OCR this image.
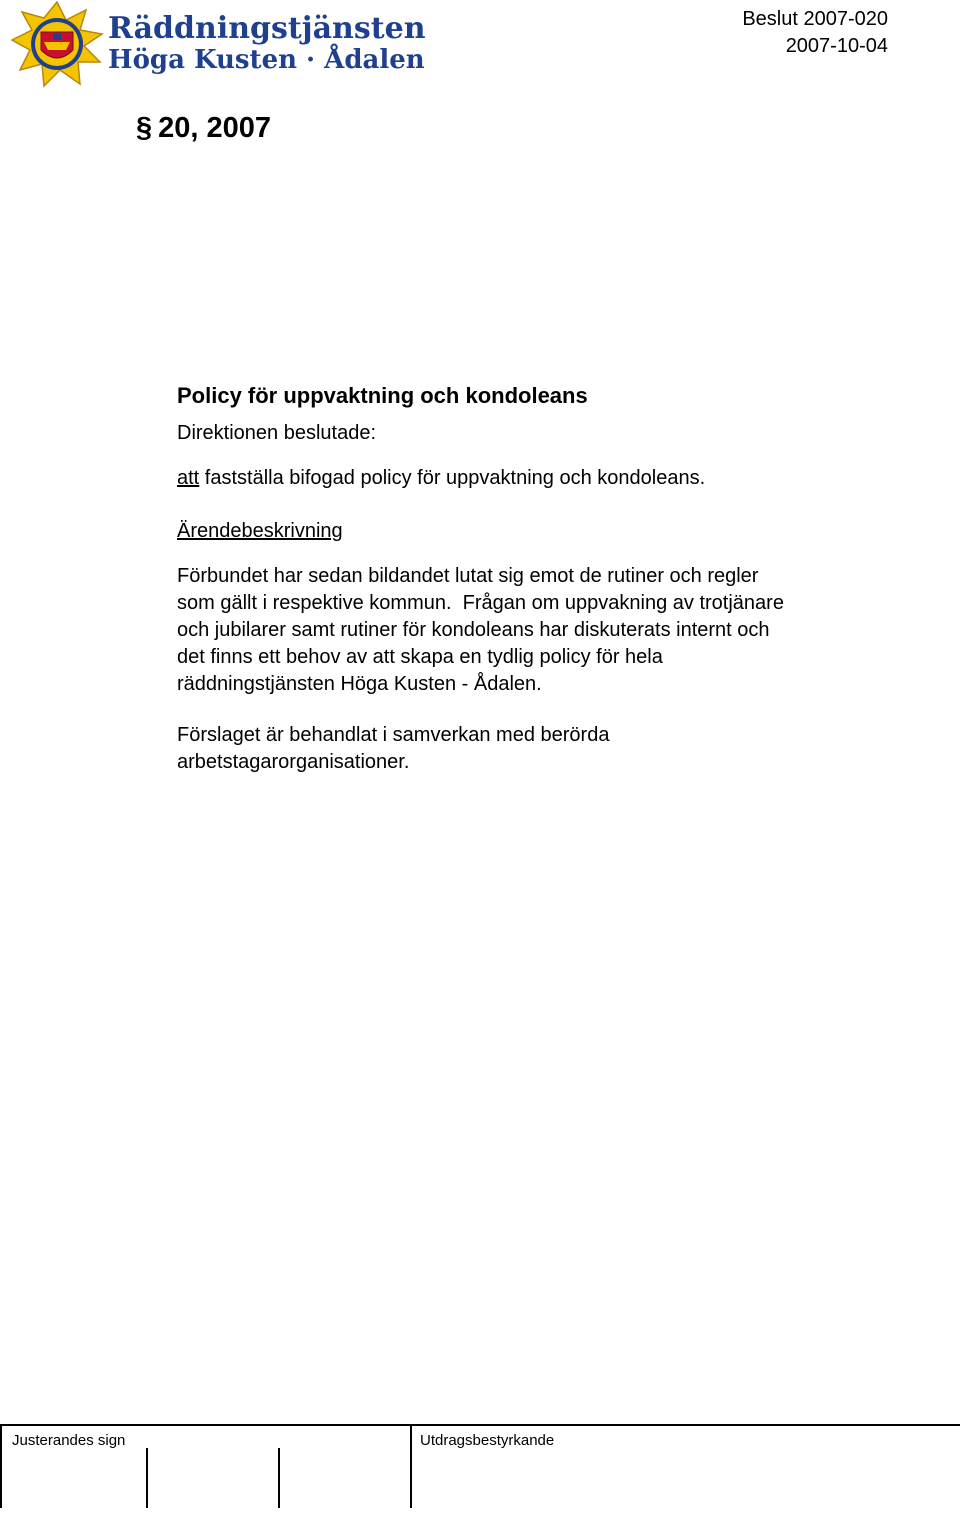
Räddningstjänsten
Höga Kusten · Ådalen
Beslut 2007-020
2007-10-04
§ 20, 2007

Policy för uppvaktning och kondoleans

Direktionen beslutade:

att fastställa bifogad policy för uppvaktning och kondoleans.

Ärendebeskrivning

Förbundet har sedan bildandet lutat sig emot de rutiner och regler
som gällt i respektive kommun.  Frågan om uppvakning av trotjänare
och jubilarer samt rutiner för kondoleans har diskuterats internt och
det finns ett behov av att skapa en tydlig policy för hela
räddningstjänsten Höga Kusten - Ådalen.

Förslaget är behandlat i samverkan med berörda
arbetstagarorganisationer.

Justerandes sign	Utdragsbestyrkande
